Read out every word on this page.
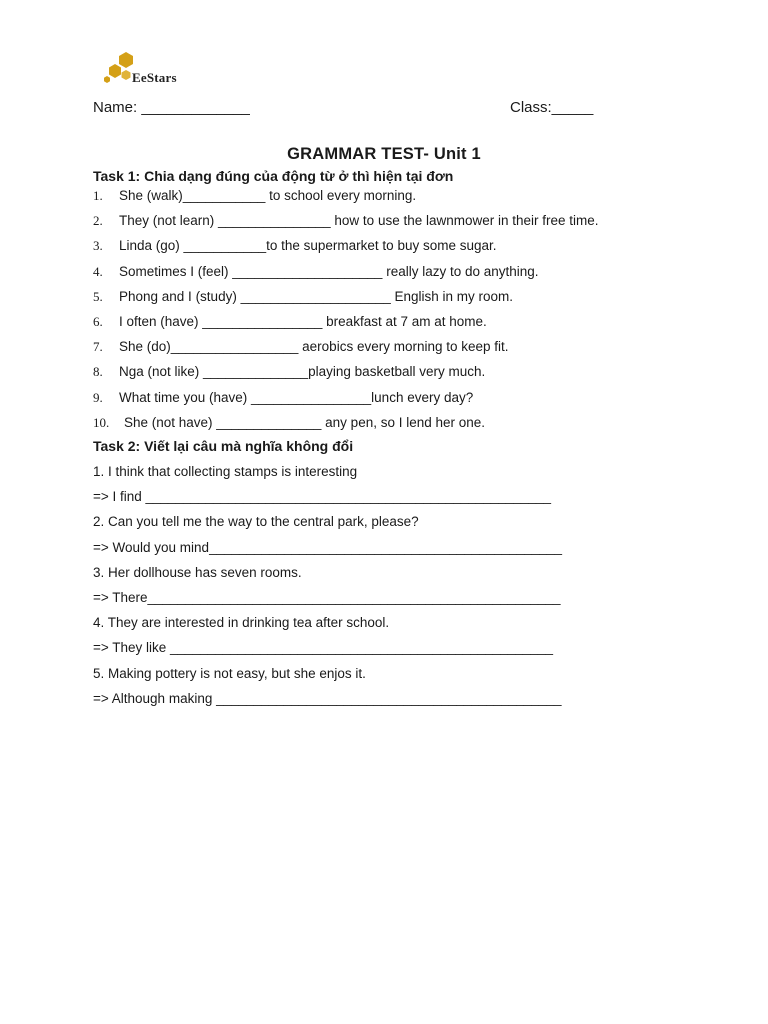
EeStars
Name: _____________	Class:_____
GRAMMAR TEST- Unit 1
Task 1: Chia dạng đúng của động từ ở thì hiện tại đơn
1.	She (walk)___________ to school every morning.
2.	They (not learn) _______________ how to use the lawnmower in their free time.
3.	Linda (go) ___________to the supermarket to buy some sugar.
4.	Sometimes I (feel) ____________________ really lazy to do anything.
5.	Phong and I (study) ____________________ English in my room.
6.	I often (have) ________________ breakfast at 7 am at home.
7.	She (do)_________________ aerobics every morning to keep fit.
8.	Nga (not like) ______________playing basketball very much.
9.	What time you (have) ________________lunch every day?
10.	She (not have) ______________ any pen, so I lend her one.
Task 2: Viết lại câu mà nghĩa không đổi
1. I think that collecting stamps is interesting
=> I find ______________________________________________________
2. Can you tell me the way to the central park, please?
=> Would you mind_______________________________________________
3. Her dollhouse has seven rooms.
=> There_______________________________________________________
4. They are interested in drinking tea after school.
=> They like ___________________________________________________
5. Making pottery is not easy, but she enjos it.
=> Although making ______________________________________________
